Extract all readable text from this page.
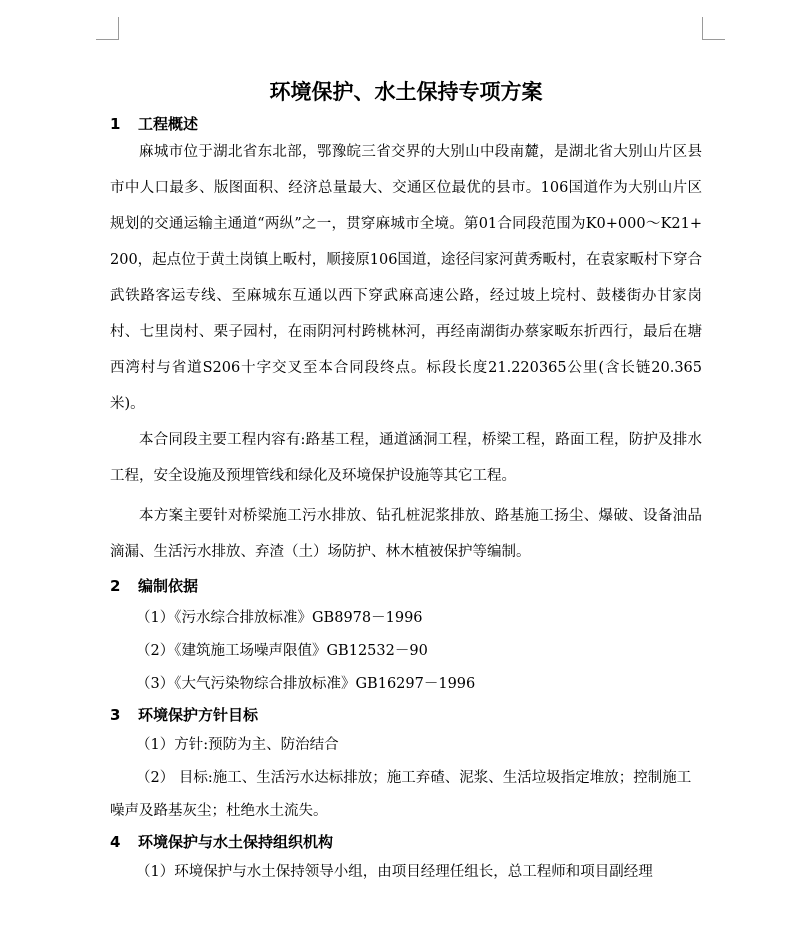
环境保护、水土保持专项方案
1 工程概述

麻城市位于湖北省东北部，鄂豫皖三省交界的大别山中段南麓，是湖北省大别山片区县市中人口最多、版图面积、经济总量最大、交通区位最优的县市。106国道作为大别山片区规划的交通运输主通道“两纵”之一，贯穿麻城市全境。第01合同段范围为K0+000～K21+200，起点位于黄土岗镇上畈村，顺接原106国道，途径闫家河黄秀畈村，在袁家畈村下穿合武铁路客运专线、至麻城东互通以西下穿武麻高速公路，经过坡上垸村、鼓楼街办甘家岗村、七里岗村、栗子园村，在雨阴河村跨桃林河，再经南湖街办蔡家畈东折西行，最后在塘西湾村与省道S206十字交叉至本合同段终点。标段长度21.220365公里(含长链20.365米)。

本合同段主要工程内容有:路基工程，通道涵洞工程，桥梁工程，路面工程，防护及排水工程，安全设施及预埋管线和绿化及环境保护设施等其它工程。

本方案主要针对桥梁施工污水排放、钻孔桩泥浆排放、路基施工扬尘、爆破、设备油品滴漏、生活污水排放、弃渣（土）场防护、林木植被保护等编制。

2 编制依据

（1）《污水综合排放标准》GB8978－1996

（2）《建筑施工场噪声限值》GB12532－90

（3）《大气污染物综合排放标准》GB16297－1996

3 环境保护方针目标

（1）方针:预防为主、防治结合

（2） 目标:施工、生活污水达标排放；施工弃碴、泥浆、生活垃圾指定堆放；控制施工噪声及路基灰尘；杜绝水土流失。

4 环境保护与水土保持组织机构

（1）环境保护与水土保持领导小组，由项目经理任组长，总工程师和项目副经理
